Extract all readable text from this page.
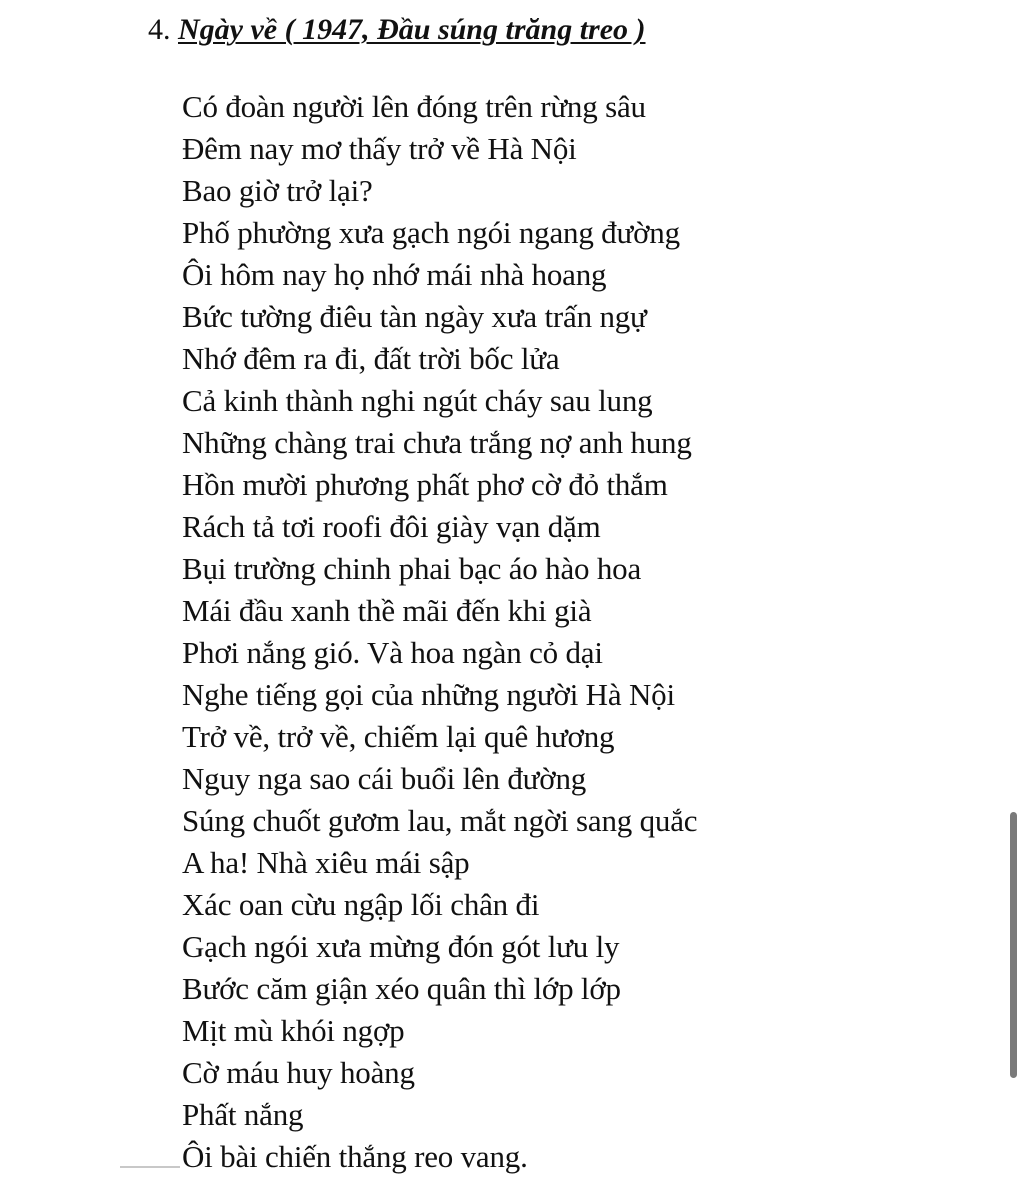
4. Ngày về ( 1947, Đầu súng trăng treo )
Có đoàn người lên đóng trên rừng sâu
Đêm nay mơ thấy trở về Hà Nội
Bao giờ trở lại?
Phố phường xưa gạch ngói ngang đường
Ôi hôm nay họ nhớ mái nhà hoang
Bức tường điêu tàn ngày xưa trấn ngự
Nhớ đêm ra đi, đất trời bốc lửa
Cả kinh thành nghi ngút cháy sau lung
Những chàng trai chưa trắng nợ anh hung
Hồn mười phương phất phơ cờ đỏ thắm
Rách tả tơi roofi đôi giày vạn dặm
Bụi trường chinh phai bạc áo hào hoa
Mái đầu xanh thề mãi đến khi già
Phơi nắng gió. Và hoa ngàn cỏ dại
Nghe tiếng gọi của những người Hà Nội
Trở về, trở về, chiếm lại quê hương
Nguy nga sao cái buổi lên đường
Súng chuốt gươm lau, mắt ngời sang quắc
A ha! Nhà xiêu mái sập
Xác oan cừu ngập lối chân đi
Gạch ngói xưa mừng đón gót lưu ly
Bước căm giận xéo quân thì lớp lớp
Mịt mù khói ngợp
Cờ máu huy hoàng
Phất nắng
Ôi bài chiến thắng reo vang.
